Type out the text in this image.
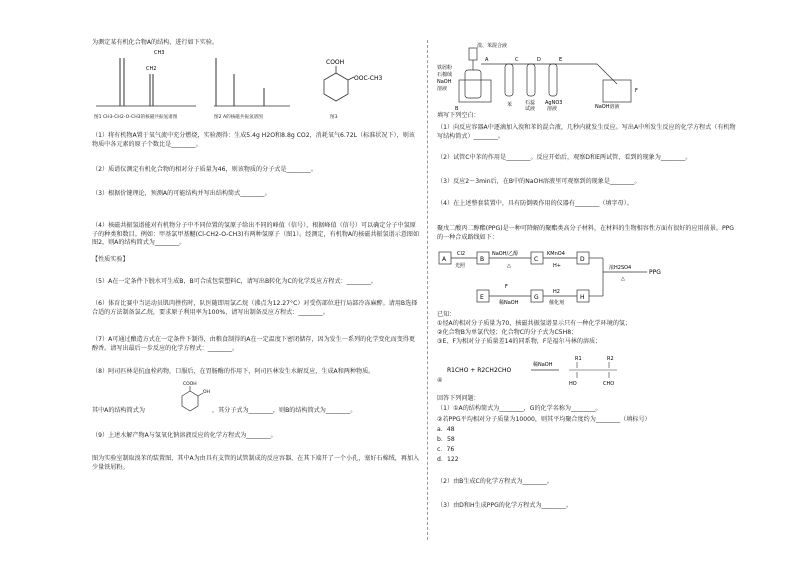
为测定某有机化合物A的结构，进行如下实验。
CH3
CH2
图1 CH3-CH2-O-CH3的核磁共振氢谱图	图2 A的核磁共振氢谱图
COOH
OOC-CH3
图3
（1）将有机物A置于氧气流中充分燃烧，实验测得：生成5.4g H2O和8.8g CO2，消耗氧气6.72L（标准状况下），则该物质中各元素的原子个数比是________。
（2）质谱仪测定有机化合物的相对分子质量为46，则该物质的分子式是________。
（3）根据价键理论，预测A的可能结构并写出结构简式________。
（4）核磁共振氢谱能对有机物分子中不同位置的氢原子给出不同的峰值（信号），根据峰值（信号）可以确定分子中氢原子的种类和数目。例如：甲基氯甲基醚(Cl-CH2-O-CH3)有两种氢原子（图1）。经测定，有机物A的核磁共振氢谱示意图如图2，则A的结构简式为________。
【性质实验】
（5）A在一定条件下脱水可生成B，B可合成包装塑料C，请写出B转化为C的化学反应方程式：________。
（6）体育比赛中当运动员肌肉挫伤时，队医随即用氯乙烷（沸点为12.27°C）对受伤部位进行局部冷冻麻醉。请用B选择合适的方法制备氯乙烷，要求原子利用率为100%，请写出制备反应方程式：________。
（7）A可通过酿造方式在一定条件下制得，由粮食制得的A在一定温度下密闭储存，因为发生一系列的化学变化而变得更醇香。请写出最后一步反应的化学方程式：________。
（8）阿司匹林是抗血栓药物，口服后，在胃肠酶的作用下，阿司匹林发生水解反应，生成A和两种物质。
COOH
OH
其中A的结构简式为	，其分子式为________，则B的结构简式为________。
（9）上述水解产物A与氢氧化钠溶液反应的化学方程式为________。
图为实验室制取溴苯的装置图，其中A为由具有支管的试管制成的反应容器，在其下端开了一个小孔，塞好石棉绒，再加入少量铁屑粉。
溴、苯混合液
铁屑粉
石棉绒
NaOH
溶液
A
B
C	D	E
F
苯	石蕊
试液
AgNO3
溶液	NaOH溶液
填写下列空白：
（1）向反应容器A中逐滴加入溴和苯的混合液，几秒内就发生反应。写出A中所发生反应的化学方程式（有机物写结构简式）________。
（2）试管C中苯的作用是________。反应开始后，观察D和E两试管，看到的现象为________。
（3）反应2～3min后，在B中的NaOH溶液里可观察到的现象是________。
（4）在上述整套装置中，具有防倒吸作用的仪器有________（填字母）。
聚戊二酸丙二醇酯(PPG)是一种可降解的聚酯类高分子材料，在材料的生物相容性方面有很好的应用前景。PPG的一种合成路线如下：
A
Cl2
光照
B
NaOH/乙醇
△
C
KMnO4
H+
D
浓H2SO4
△
PPG
E
F
稀NaOH
G
H2
催化剂
H
已知：
①烃A的相对分子质量为70，核磁共振氢谱显示只有一种化学环境的氢；
②化合物B为单氯代烃；化合物C的分子式为C5H8；
③E、F为相对分子质量差14的同系物，F是福尔马林的溶质；
④
R1CHO + R2CH2CHO
稀NaOH
R1	R2
HO	CHO
回答下列问题：
（1）①A的结构简式为________，G的化学名称为________。
②若PPG平均相对分子质量为10000，则其平均聚合度约为________（填标号）
a．48
b．58
c．76
d．122
（2）由B生成C的化学方程式为________。
（3）由D和H生成PPG的化学方程式为________。
